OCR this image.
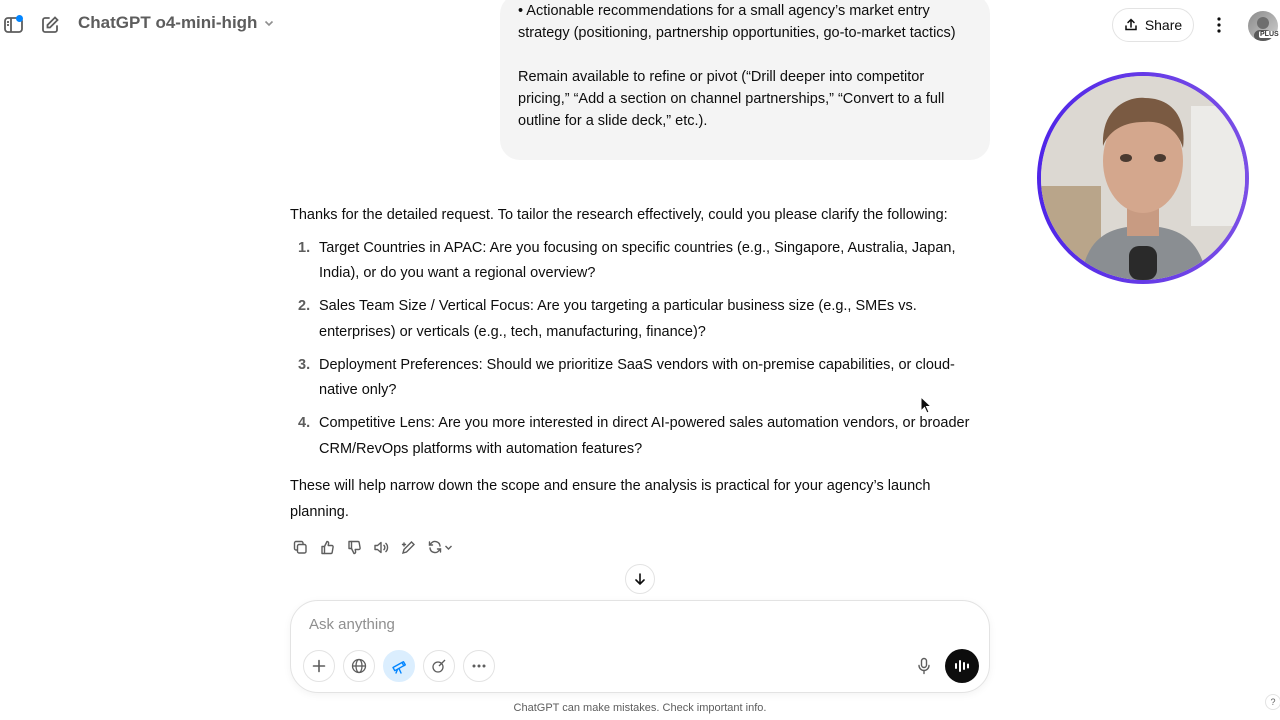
ChatGPT o4-mini-high	Share
PLUS

• Actionable recommendations for a small agency’s market entry strategy (positioning, partnership opportunities, go-to-market tactics)

Remain available to refine or pivot (“Drill deeper into competitor pricing,” “Add a section on channel partnerships,” “Convert to a full outline for a slide deck,” etc.).

Thanks for the detailed request. To tailor the research effectively, could you please clarify the following:

1. Target Countries in APAC: Are you focusing on specific countries (e.g., Singapore, Australia, Japan, India), or do you want a regional overview?
2. Sales Team Size / Vertical Focus: Are you targeting a particular business size (e.g., SMEs vs. enterprises) or verticals (e.g., tech, manufacturing, finance)?
3. Deployment Preferences: Should we prioritize SaaS vendors with on-premise capabilities, or cloud-native only?
4. Competitive Lens: Are you more interested in direct AI-powered sales automation vendors, or broader CRM/RevOps platforms with automation features?

These will help narrow down the scope and ensure the analysis is practical for your agency’s launch planning.

Ask anything
ChatGPT can make mistakes. Check important info.	?
